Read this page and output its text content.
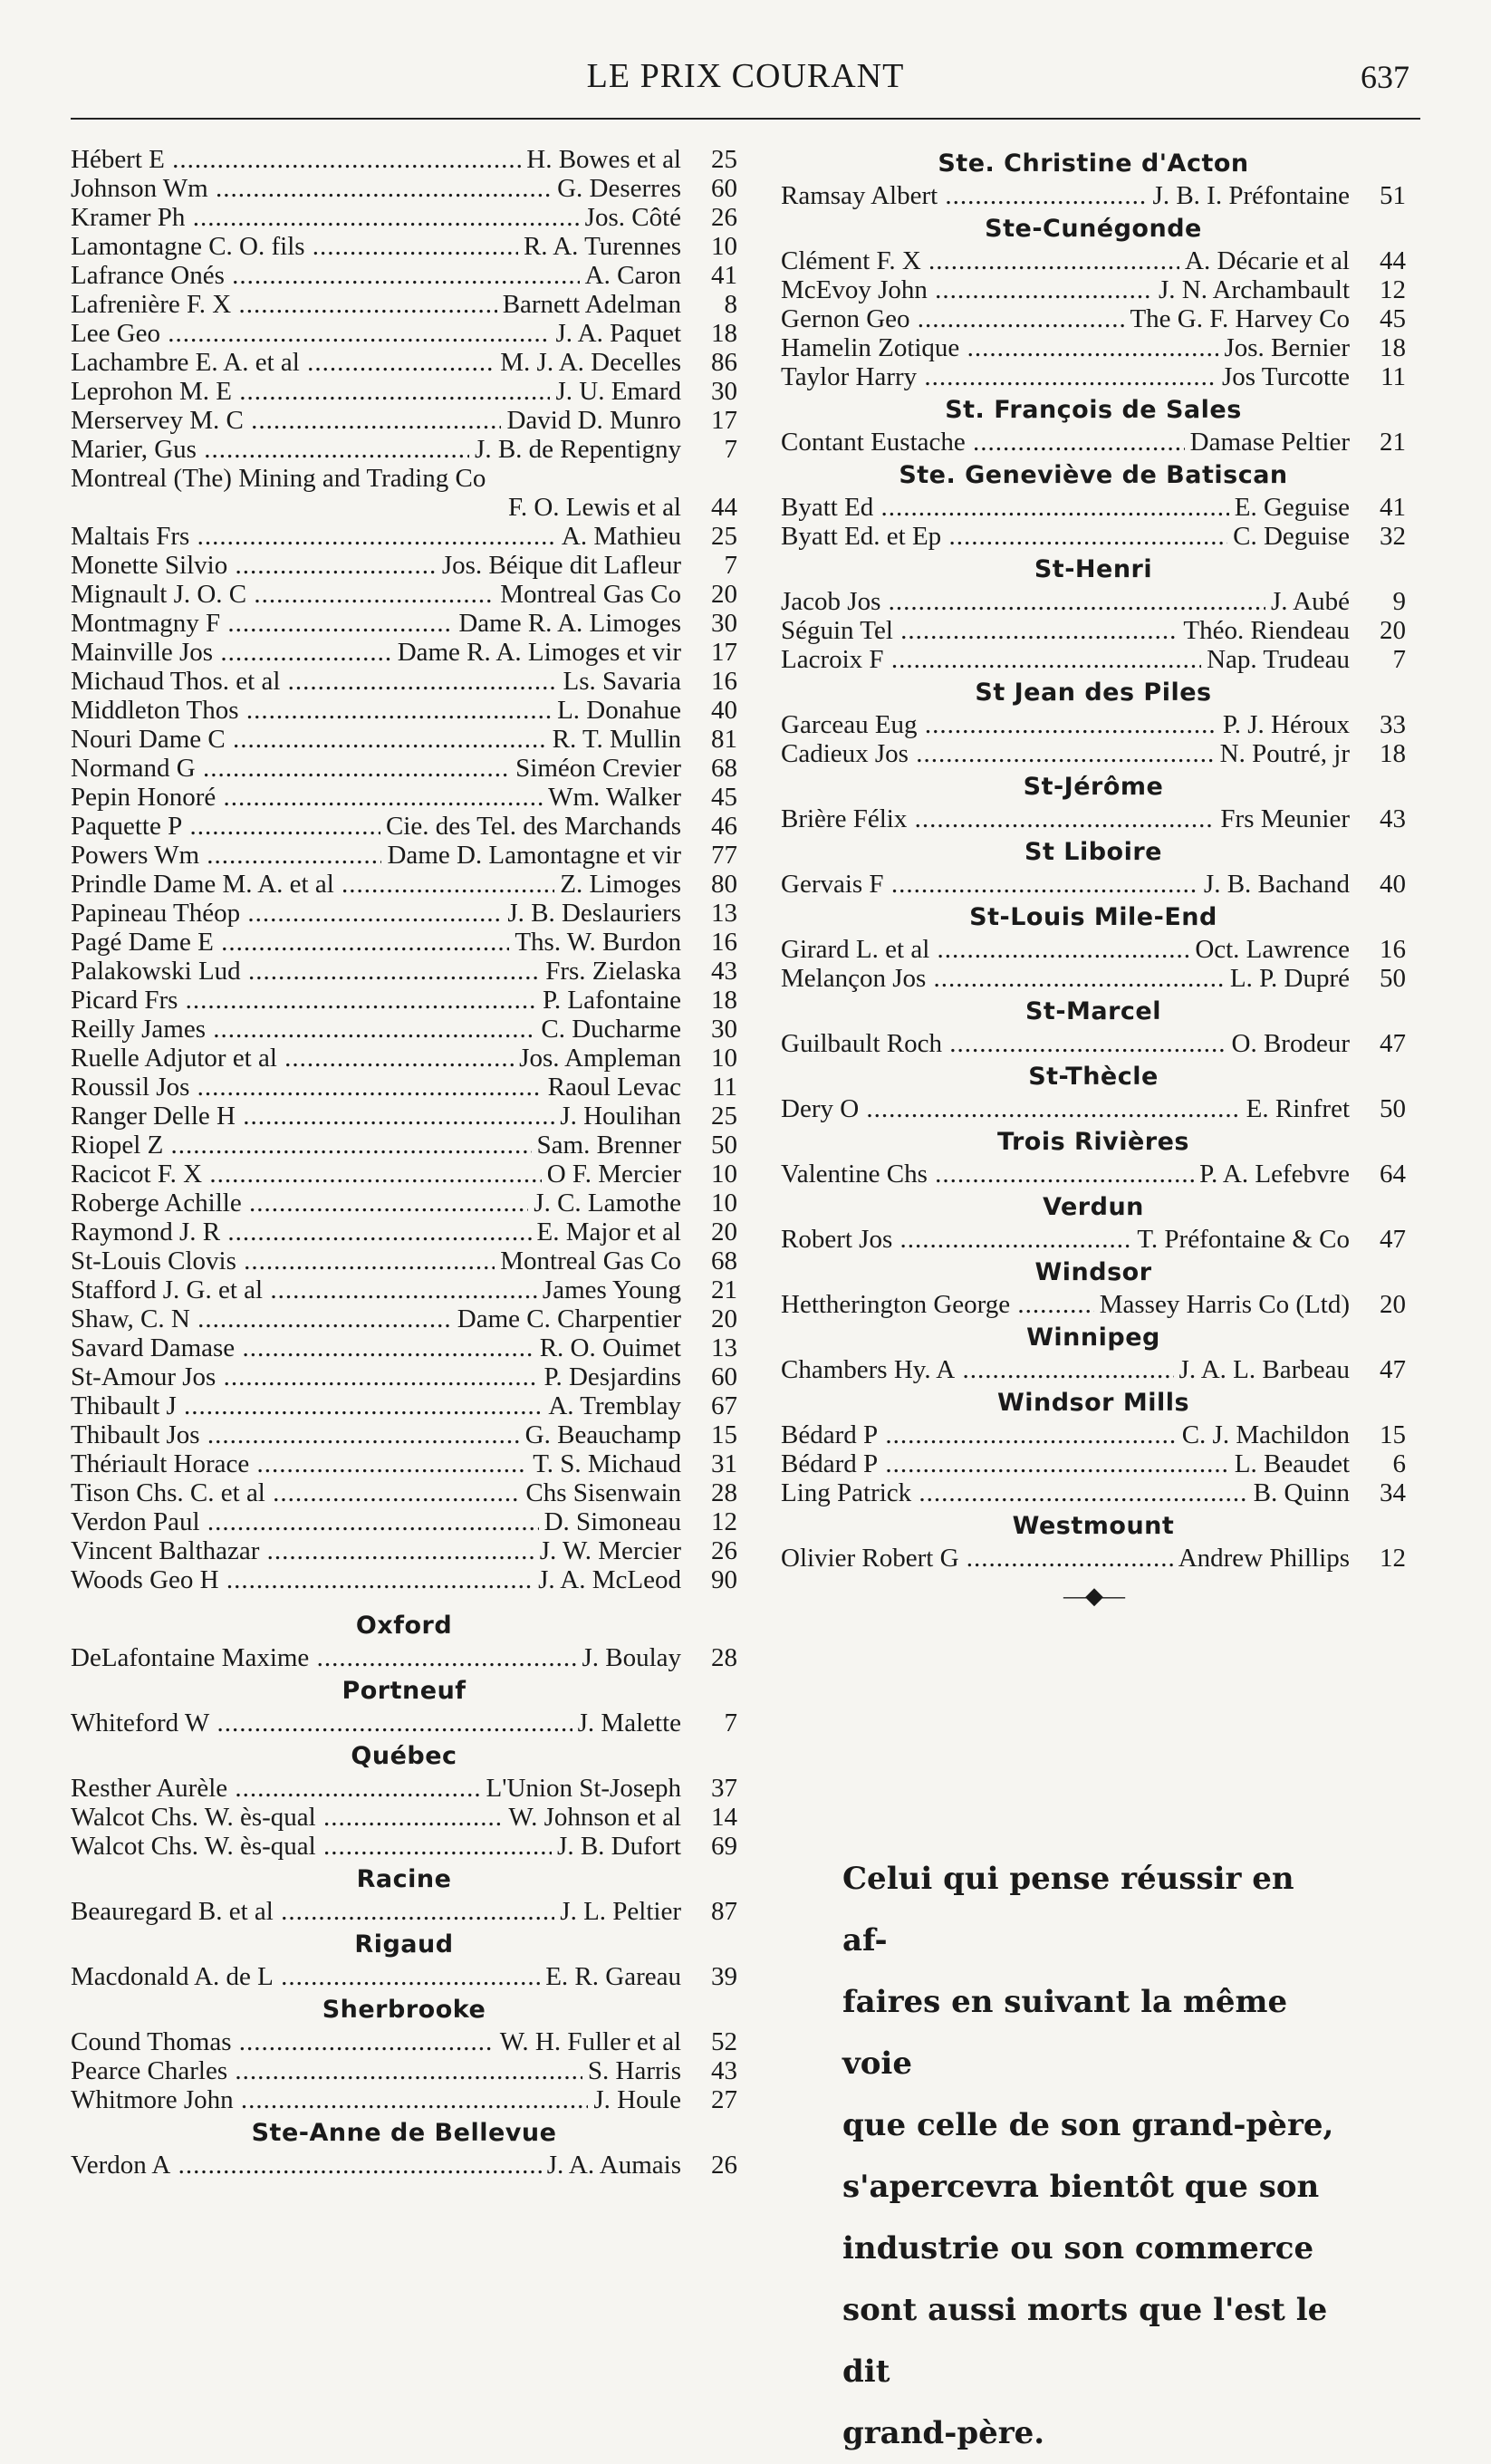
LE PRIX COURANT	637
Hébert E .....	H. Bowes et al	25
Johnson Wm .....	G. Deserres	60
Kramer Ph .....	Jos. Côté	26
Lamontagne C. O. fils .....	R. A. Turennes	10
Lafrance Onés .....	A. Caron	41
Lafrenière F. X .....	Barnett Adelman	8
Lee Geo .....	J. A. Paquet	18
Lachambre E. A. et al .....	M. J. A. Decelles	86
Leprohon M. E .....	J. U. Emard	30
Merservey M. C .....	David D. Munro	17
Marier, Gus .....	J. B. de Repentigny	7
Montreal (The) Mining and Trading Co
F. O. Lewis et al	44
Maltais Frs .....	A. Mathieu	25
Monette Silvio .....	Jos. Béique dit Lafleur	7
Mignault J. O. C .....	Montreal Gas Co	20
Montmagny F .....	Dame R. A. Limoges	30
Mainville Jos .....	Dame R. A. Limoges et vir	17
Michaud Thos. et al .....	Ls. Savaria	16
Middleton Thos .....	L. Donahue	40
Nouri Dame C .....	R. T. Mullin	81
Normand G .....	Siméon Crevier	68
Pepin Honoré .....	Wm. Walker	45
Paquette P .....	Cie. des Tel. des Marchands	46
Powers Wm .....	Dame D. Lamontagne et vir	77
Prindle Dame M. A. et al .....	Z. Limoges	80
Papineau Théop .....	J. B. Deslauriers	13
Pagé Dame E .....	Ths. W. Burdon	16
Palakowski Lud .....	Frs. Zielaska	43
Picard Frs .....	P. Lafontaine	18
Reilly James .....	C. Ducharme	30
Ruelle Adjutor et al .....	Jos. Ampleman	10
Roussil Jos .....	Raoul Levac	11
Ranger Delle H .....	J. Houlihan	25
Riopel Z .....	Sam. Brenner	50
Racicot F. X .....	O F. Mercier	10
Roberge Achille .....	J. C. Lamothe	10
Raymond J. R .....	E. Major et al	20
St-Louis Clovis .....	Montreal Gas Co	68
Stafford J. G. et al .....	James Young	21
Shaw, C. N .....	Dame C. Charpentier	20
Savard Damase .....	R. O. Ouimet	13
St-Amour Jos .....	P. Desjardins	60
Thibault J .....	A. Tremblay	67
Thibault Jos .....	G. Beauchamp	15
Thériault Horace .....	T. S. Michaud	31
Tison Chs. C. et al .....	Chs Sisenwain	28
Verdon Paul .....	D. Simoneau	12
Vincent Balthazar .....	J. W. Mercier	26
Woods Geo H .....	J. A. McLeod	90
Oxford
DeLafontaine Maxime .....	J. Boulay	28
Portneuf
Whiteford W .....	J. Malette	7
Québec
Resther Aurèle .....	L'Union St-Joseph	37
Walcot Chs. W. ès-qual .....	W. Johnson et al	14
Walcot Chs. W. ès-qual .....	J. B. Dufort	69
Racine
Beauregard B. et al .....	J. L. Peltier	87
Rigaud
Macdonald A. de L .....	E. R. Gareau	39
Sherbrooke
Cound Thomas .....	W. H. Fuller et al	52
Pearce Charles .....	S. Harris	43
Whitmore John .....	J. Houle	27
Ste-Anne de Bellevue
Verdon A .....	J. A. Aumais	26
Ste. Christine d'Acton
Ramsay Albert .....	J. B. I. Préfontaine	51
Ste-Cunégonde
Clément F. X .....	A. Décarie et al	44
McEvoy John .....	J. N. Archambault	12
Gernon Geo .....	The G. F. Harvey Co	45
Hamelin Zotique .....	Jos. Bernier	18
Taylor Harry .....	Jos Turcotte	11
St. François de Sales
Contant Eustache .....	Damase Peltier	21
Ste. Geneviève de Batiscan
Byatt Ed .....	E. Geguise	41
Byatt Ed. et Ep .....	C. Deguise	32
St-Henri
Jacob Jos .....	J. Aubé	9
Séguin Tel .....	Théo. Riendeau	20
Lacroix F .....	Nap. Trudeau	7
St Jean des Piles
Garceau Eug .....	P. J. Héroux	33
Cadieux Jos .....	N. Poutré, jr	18
St-Jérôme
Brière Félix .....	Frs Meunier	43
St Liboire
Gervais F .....	J. B. Bachand	40
St-Louis Mile-End
Girard L. et al .....	Oct. Lawrence	16
Melançon Jos .....	L. P. Dupré	50
St-Marcel
Guilbault Roch .....	O. Brodeur	47
St-Thècle
Dery O .....	E. Rinfret	50
Trois Rivières
Valentine Chs .....	P. A. Lefebvre	64
Verdun
Robert Jos .....	T. Préfontaine & Co	47
Windsor
Hettherington George .....	Massey Harris Co (Ltd)	20
Winnipeg
Chambers Hy. A .....	J. A. L. Barbeau	47
Windsor Mills
Bédard P .....	C. J. Machildon	15
Bédard P .....	L. Beaudet	6
Ling Patrick .....	B. Quinn	34
Westmount
Olivier Robert G .....	Andrew Phillips	12
—◆—

Celui qui pense réussir en af-

faires en suivant la même voie

que celle de son grand-père,

s'apercevra bientôt que son

industrie ou son commerce

sont aussi morts que l'est le dit

grand-père.
